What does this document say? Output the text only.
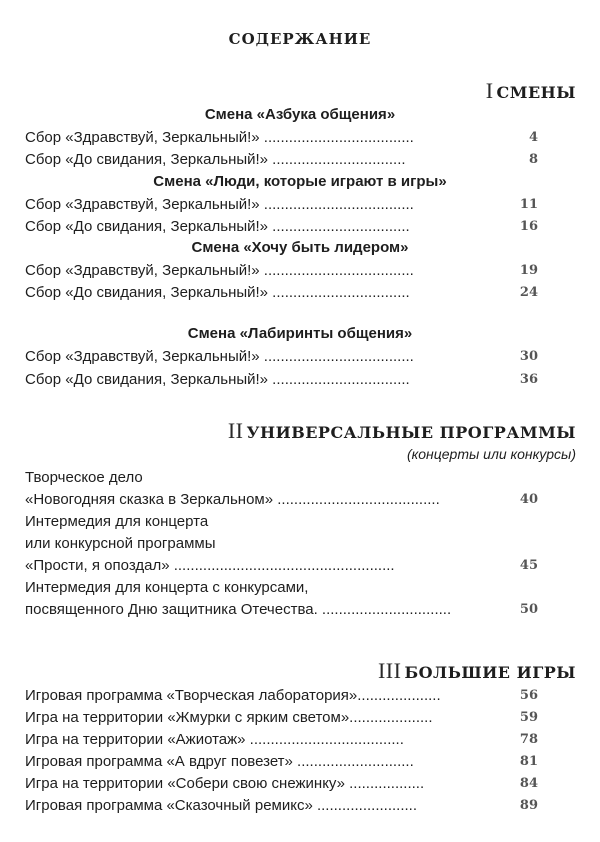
СОДЕРЖАНИЕ
I СМЕНЫ
Смена «Азбука общения»
Сбор «Здравствуй, Зеркальный!» ....................................	4
Сбор «До свидания, Зеркальный!» ................................	8
Смена «Люди, которые играют в игры»
Сбор «Здравствуй, Зеркальный!» ....................................	11
Сбор «До свидания, Зеркальный!» .................................	16
Смена «Хочу быть лидером»
Сбор «Здравствуй, Зеркальный!» ....................................	19
Сбор «До свидания, Зеркальный!» .................................	24
Смена «Лабиринты общения»
Сбор «Здравствуй, Зеркальный!» ....................................	30
Сбор «До свидания, Зеркальный!» .................................	36
II УНИВЕРСАЛЬНЫЕ ПРОГРАММЫ
(концерты или конкурсы)
Творческое дело
«Новогодняя сказка в Зеркальном» .......................................	40
Интермедия для концерта
или конкурсной программы
«Прости, я опоздал» .....................................................	45
Интермедия для концерта с конкурсами,
посвященного Дню защитника Отечества. ...............................	50
III БОЛЬШИЕ ИГРЫ
Игровая программа «Творческая лаборатория»....................	56
Игра на территории «Жмурки с ярким светом»....................	59
Игра на территории «Ажиотаж» .....................................	78
Игровая программа «А вдруг повезет» ............................	81
Игра на территории «Собери свою снежинку» ..................	84
Игровая программа «Сказочный ремикс» ........................	89
